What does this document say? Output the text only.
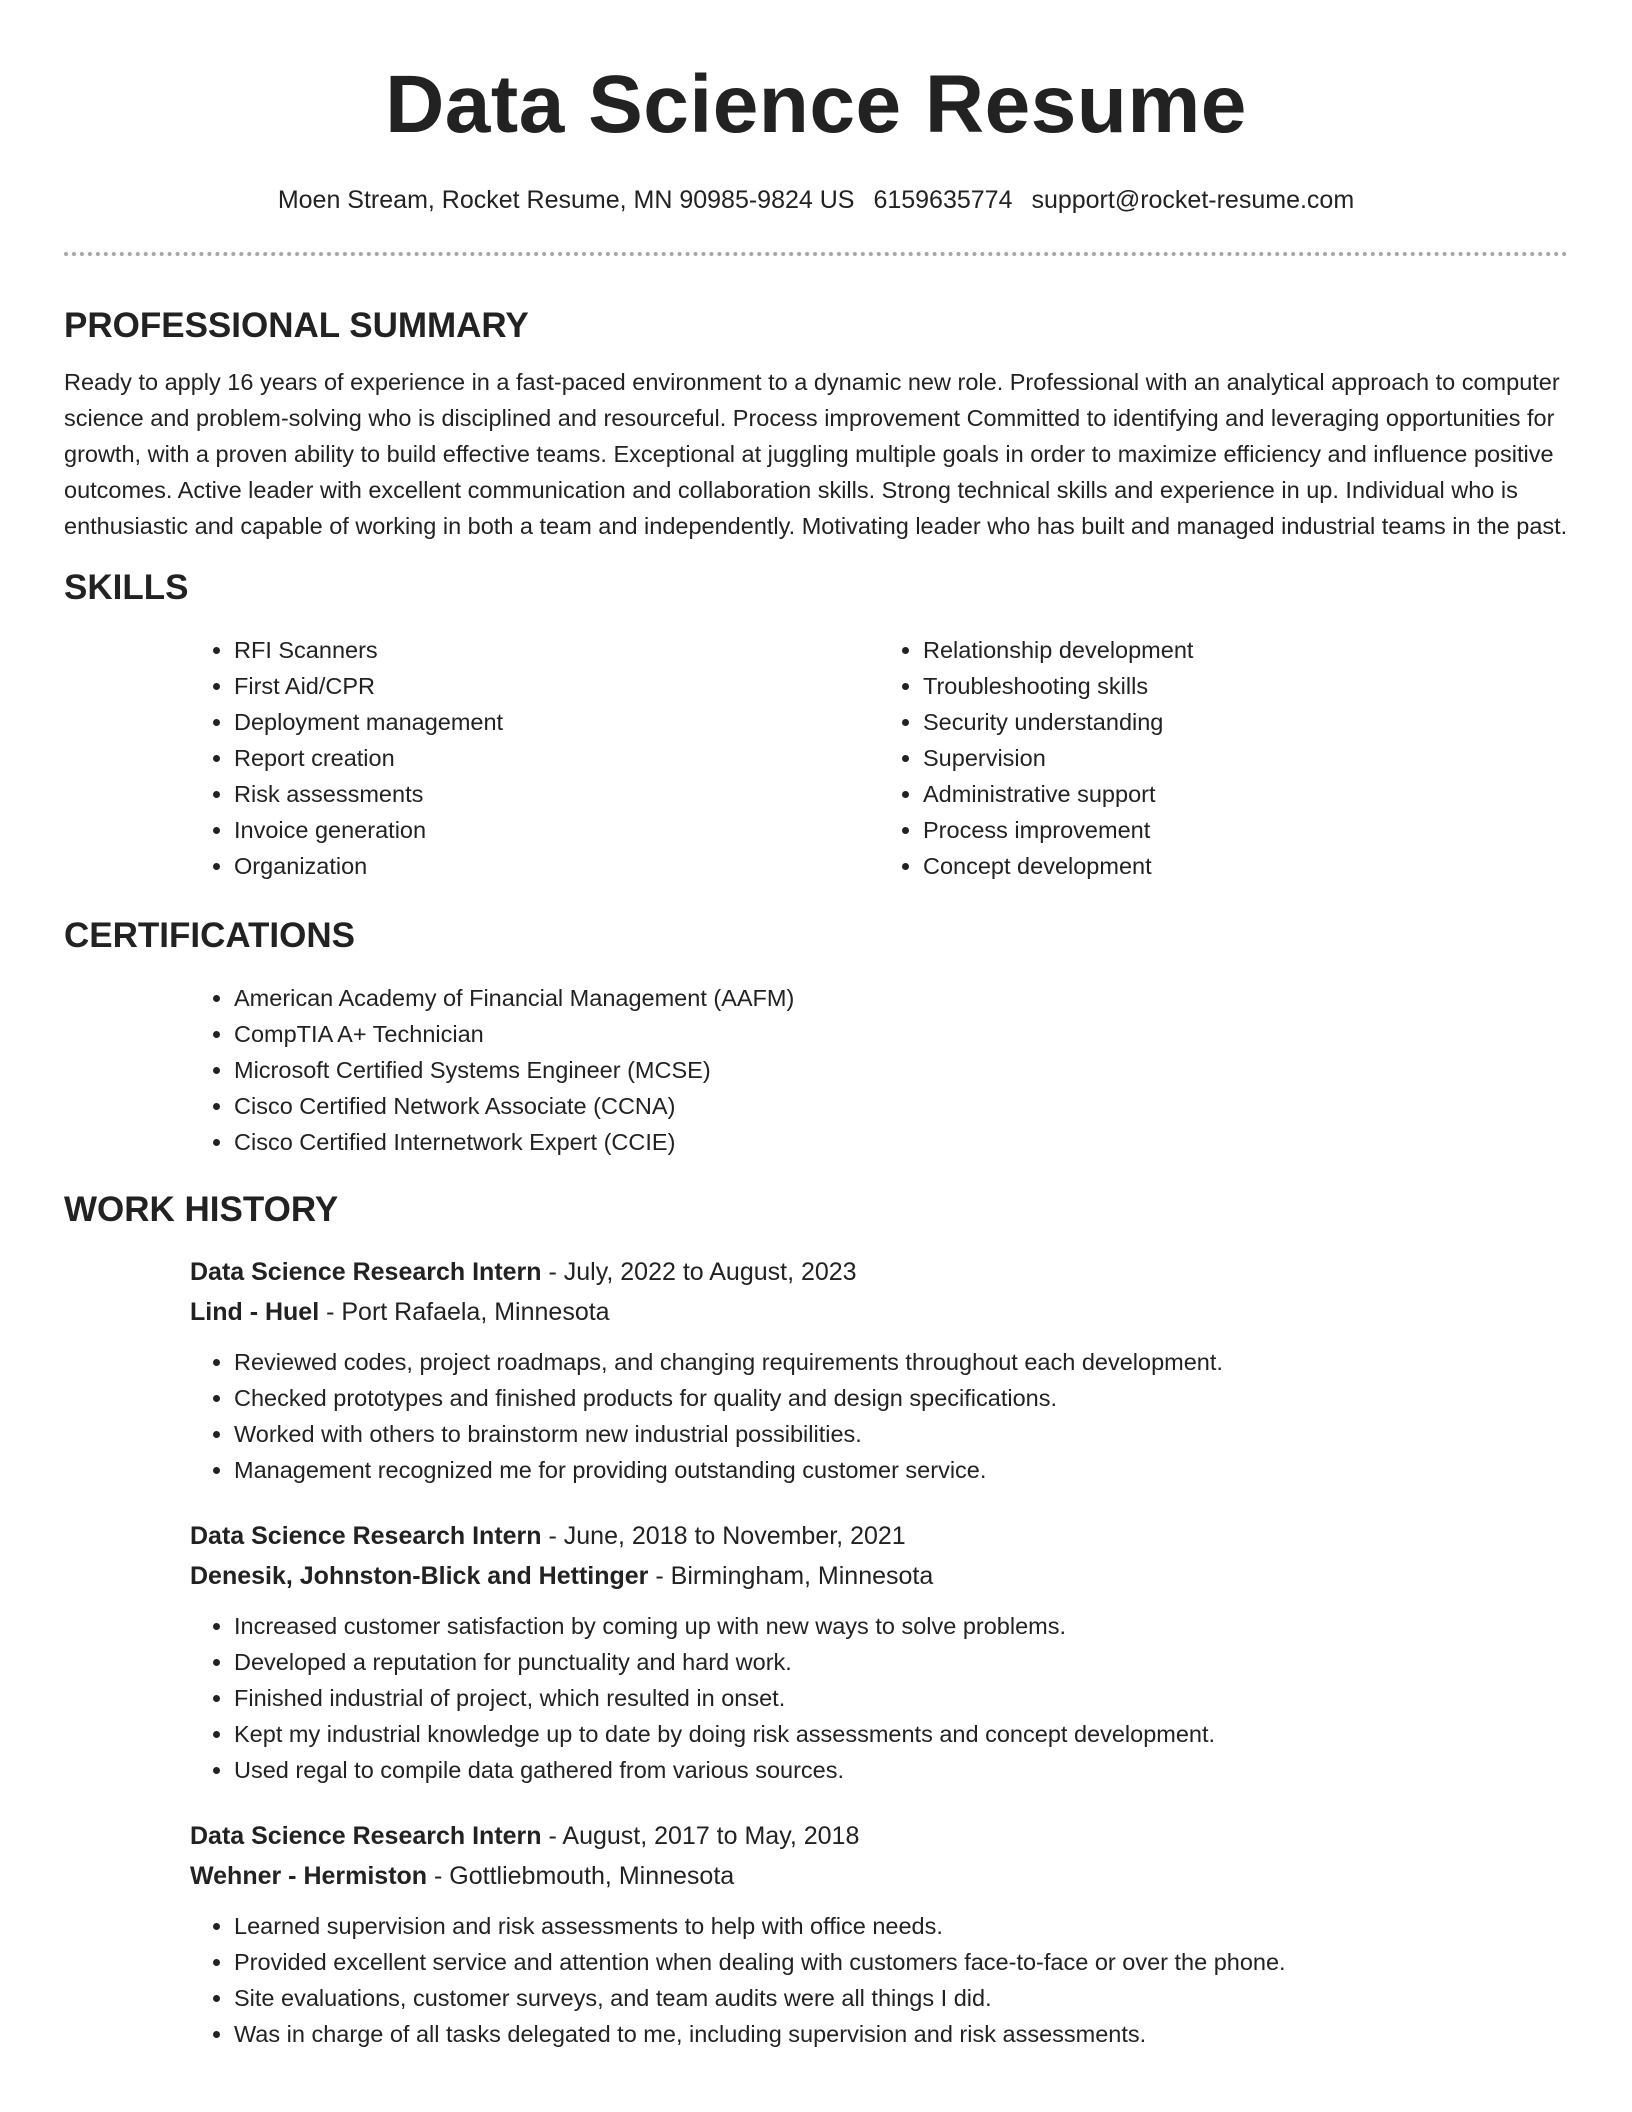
Data Science Resume
Moen Stream, Rocket Resume, MN 90985-9824 US 6159635774 support@rocket-resume.com
PROFESSIONAL SUMMARY

Ready to apply 16 years of experience in a fast-paced environment to a dynamic new role. Professional with an analytical approach to computer science and problem-solving who is disciplined and resourceful. Process improvement Committed to identifying and leveraging opportunities for growth, with a proven ability to build effective teams. Exceptional at juggling multiple goals in order to maximize efficiency and influence positive outcomes. Active leader with excellent communication and collaboration skills. Strong technical skills and experience in up. Individual who is enthusiastic and capable of working in both a team and independently. Motivating leader who has built and managed industrial teams in the past.

SKILLS
• RFI Scanners
• First Aid/CPR
• Deployment management
• Report creation
• Risk assessments
• Invoice generation
• Organization
• Relationship development
• Troubleshooting skills
• Security understanding
• Supervision
• Administrative support
• Process improvement
• Concept development
CERTIFICATIONS
• American Academy of Financial Management (AAFM)
• CompTIA A+ Technician
• Microsoft Certified Systems Engineer (MCSE)
• Cisco Certified Network Associate (CCNA)
• Cisco Certified Internetwork Expert (CCIE)
WORK HISTORY
Data Science Research Intern - July, 2022 to August, 2023
Lind - Huel - Port Rafaela, Minnesota
• Reviewed codes, project roadmaps, and changing requirements throughout each development.
• Checked prototypes and finished products for quality and design specifications.
• Worked with others to brainstorm new industrial possibilities.
• Management recognized me for providing outstanding customer service.
Data Science Research Intern - June, 2018 to November, 2021
Denesik, Johnston-Blick and Hettinger - Birmingham, Minnesota
• Increased customer satisfaction by coming up with new ways to solve problems.
• Developed a reputation for punctuality and hard work.
• Finished industrial of project, which resulted in onset.
• Kept my industrial knowledge up to date by doing risk assessments and concept development.
• Used regal to compile data gathered from various sources.
Data Science Research Intern - August, 2017 to May, 2018
Wehner - Hermiston - Gottliebmouth, Minnesota
• Learned supervision and risk assessments to help with office needs.
• Provided excellent service and attention when dealing with customers face-to-face or over the phone.
• Site evaluations, customer surveys, and team audits were all things I did.
• Was in charge of all tasks delegated to me, including supervision and risk assessments.
